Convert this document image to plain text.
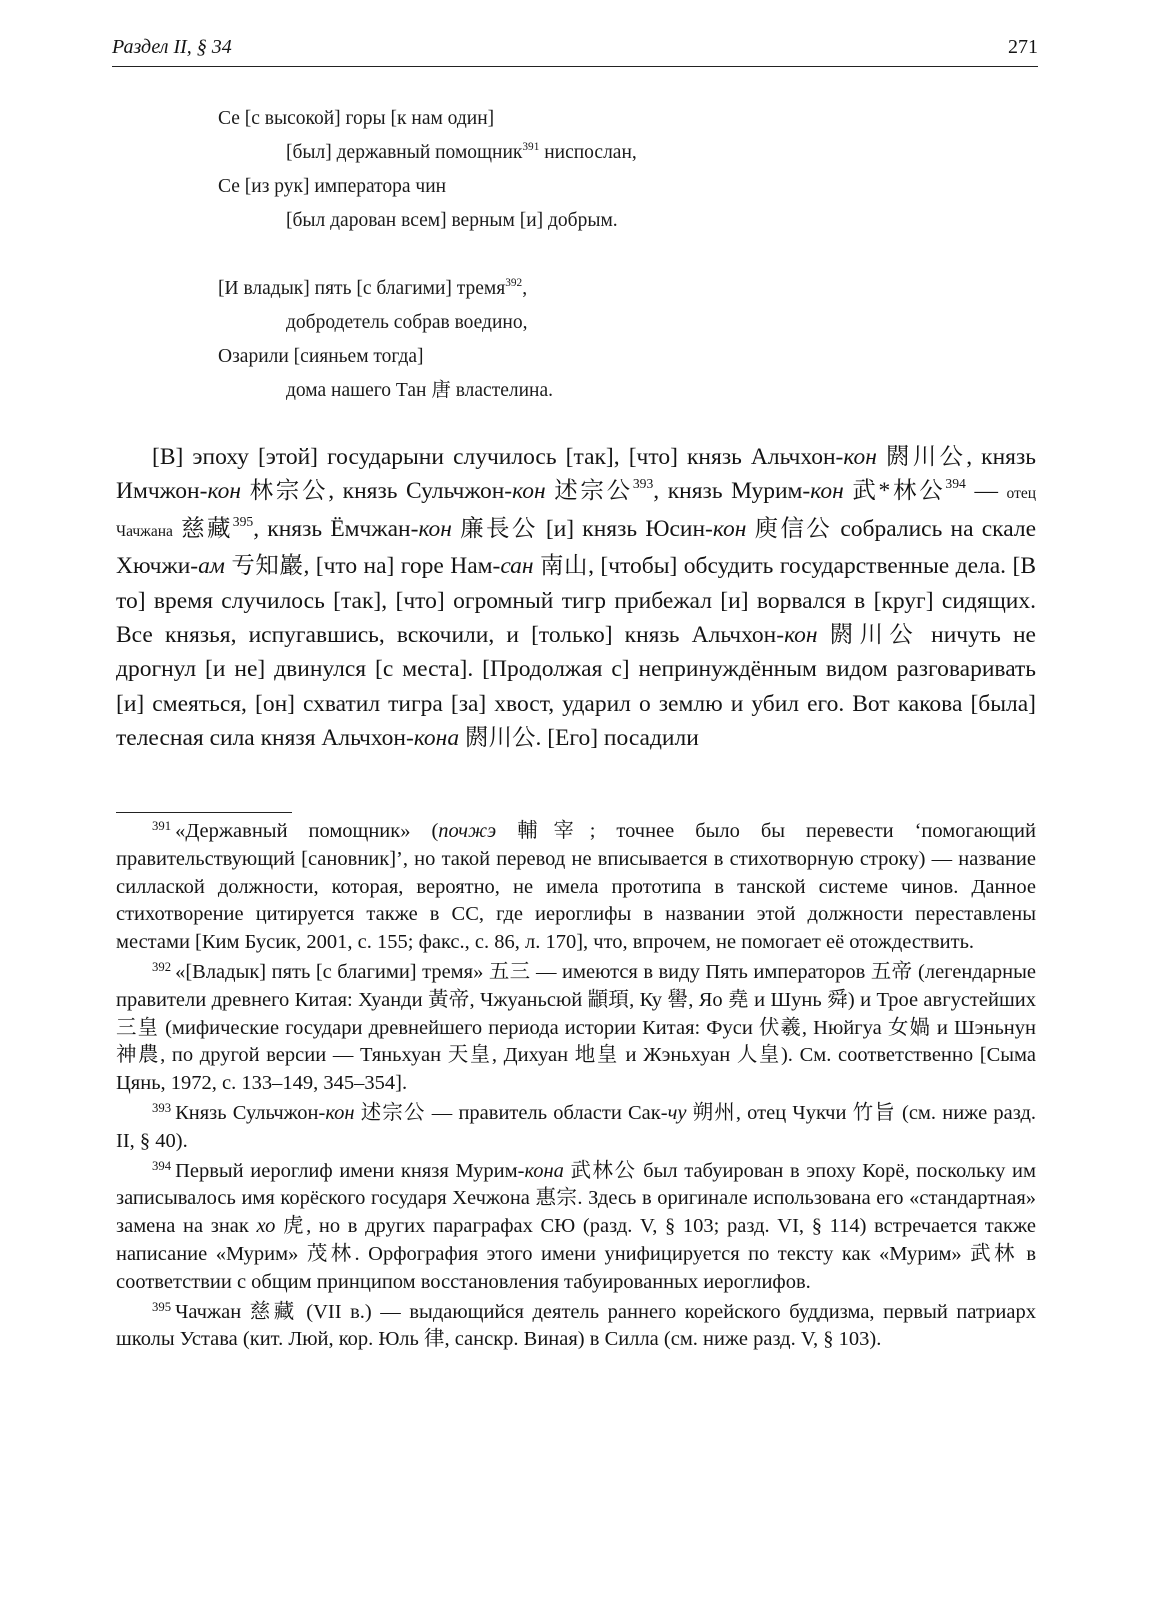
Раздел II, § 34	271
Се [с высокой] горы [к нам один]
[был] державный помощник$^{391}$ ниспослан,
Се [из рук] императора чин
[был дарован всем] верным [и] добрым.
[И владык] пять [с благими] тремя$^{392}$,
добродетель собрав воедино,
Озарили [сияньем тогда]
дома нашего Тан 唐 властелина.

[В] эпоху [этой] государыни случилось [так], [что] князь Альчхон-кон 閼川公, князь Имчжон-кон 林宗公, князь Сульчжон-кон 述宗公$^{393}$, князь Мурим-кон 武*林公$^{394}$ — отец Чачжана 慈藏$^{395}$, князь Ёмчжан-кон 廉長公 [и] князь Юсин-кон 庾信公 собрались на скале Хючжи-ам 亐知巖, [что на] горе Нам-сан 南山, [чтобы] обсудить государственные дела. [В то] время случилось [так], [что] огромный тигр прибежал [и] ворвался в [круг] сидящих. Все князья, испугавшись, вскочили, и [только] князь Альчхон-кон 閼川公 ничуть не дрогнул [и не] двинулся [с места]. [Продолжая с] непринуждённым видом разговаривать [и] смеяться, [он] схватил тигра [за] хвост, ударил о землю и убил его. Вот какова [была] телесная сила князя Альчхон-кона 閼川公. [Его] посадили

$^{391}$ «Державный помощник» (почжэ 輔宰; точнее было бы перевести ‘помогающий правительствующий [сановник]’, но такой перевод не вписывается в стихотворную строку) — название силлаской должности, которая, вероятно, не имела прототипа в танской системе чинов. Данное стихотворение цитируется также в СС, где иероглифы в названии этой должности переставлены местами [Ким Бусик, 2001, с. 155; факс., с. 86, л. 170], что, впрочем, не помогает её отождествить.

$^{392}$ «[Владык] пять [с благими] тремя» 五三 — имеются в виду Пять императоров 五帝 (легендарные правители древнего Китая: Хуанди 黃帝, Чжуаньсюй 顓頊, Ку 嚳, Яо 堯 и Шунь 舜) и Трое августейших 三皇 (мифические государи древнейшего периода истории Китая: Фуси 伏羲, Нюйгуа 女媧 и Шэньнун 神農, по другой версии — Тяньхуан 天皇, Дихуан 地皇 и Жэньхуан 人皇). См. соответственно [Сыма Цянь, 1972, с. 133–149, 345–354].

$^{393}$ Князь Сульчжон-кон 述宗公 — правитель области Сак-чу 朔州, отец Чукчи 竹旨 (см. ниже разд. II, § 40).

$^{394}$ Первый иероглиф имени князя Мурим-кона 武林公 был табуирован в эпоху Корё, поскольку им записывалось имя корёского государя Хечжона 惠宗. Здесь в оригинале использована его «стандартная» замена на знак хо 虎, но в других параграфах СЮ (разд. V, § 103; разд. VI, § 114) встречается также написание «Мурим» 茂林. Орфография этого имени унифицируется по тексту как «Мурим» 武林 в соответствии с общим принципом восстановления табуированных иероглифов.

$^{395}$ Чачжан 慈藏 (VII в.) — выдающийся деятель раннего корейского буддизма, первый патриарх школы Устава (кит. Люй, кор. Юль 律, санскр. Виная) в Силла (см. ниже разд. V, § 103).
